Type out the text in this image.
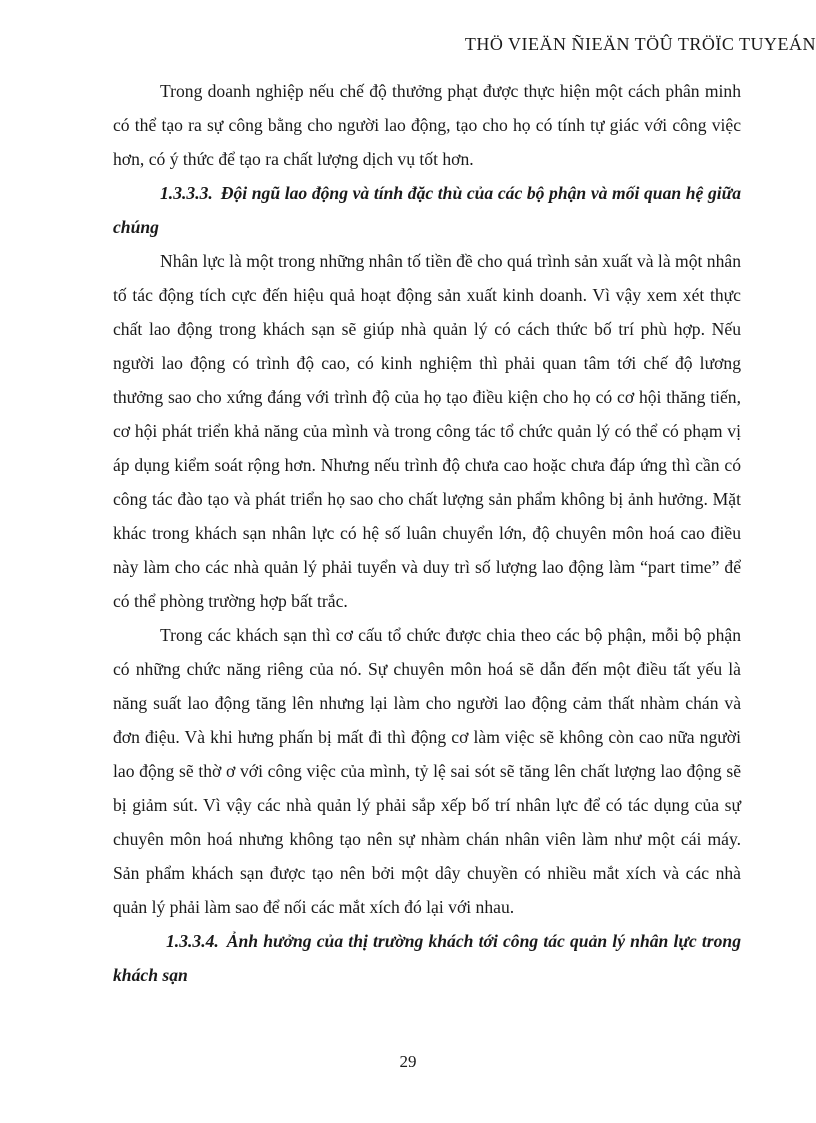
THÖ VIEÄN ÑIEÄN TÖÛ TRÖÏC TUYEÁN

Trong doanh nghiệp nếu chế độ thưởng phạt được thực hiện một cách phân minh có thể tạo ra sự công bằng cho người lao động, tạo cho họ có tính tự giác với công việc hơn, có ý thức để tạo ra chất lượng dịch vụ tốt hơn.

1.3.3.3. Đội ngũ lao động và tính đặc thù của các bộ phận và mối quan hệ giữa chúng

Nhân lực là một trong những nhân tố tiền đề cho quá trình sản xuất và là một nhân tố tác động tích cực đến hiệu quả hoạt động sản xuất kinh doanh. Vì vậy xem xét thực chất lao động trong khách sạn sẽ giúp nhà quản lý có cách thức bố trí phù hợp. Nếu người lao động có trình độ cao, có kinh nghiệm thì phải quan tâm tới chế độ lương thưởng sao cho xứng đáng với trình độ của họ tạo điều kiện cho họ có cơ hội thăng tiến, cơ hội phát triển khả năng của mình và trong công tác tổ chức quản lý có thể có phạm vị áp dụng kiểm soát rộng hơn. Nhưng nếu trình độ chưa cao hoặc chưa đáp ứng thì cần có công tác đào tạo và phát triển họ sao cho chất lượng sản phẩm không bị ảnh hưởng. Mặt khác trong khách sạn nhân lực có hệ số luân chuyển lớn, độ chuyên môn hoá cao điều này làm cho các nhà quản lý phải tuyển và duy trì số lượng lao động làm “part time” để có thể phòng trường hợp bất trắc.

Trong các khách sạn thì cơ cấu tổ chức được chia theo các bộ phận, mỗi bộ phận có những chức năng riêng của nó. Sự chuyên môn hoá sẽ dẫn đến một điều tất yếu là năng suất lao động tăng lên nhưng lại làm cho người lao động cảm thất nhàm chán và đơn điệu. Và khi hưng phấn bị mất đi thì động cơ làm việc sẽ không còn cao nữa người lao động sẽ thờ ơ với công việc của mình, tỷ lệ sai sót sẽ tăng lên chất lượng lao động sẽ bị giảm sút. Vì vậy các nhà quản lý phải sắp xếp bố trí nhân lực để có tác dụng của sự chuyên môn hoá nhưng không tạo nên sự nhàm chán nhân viên làm như một cái máy. Sản phẩm khách sạn được tạo nên bởi một dây chuyền có nhiều mắt xích và các nhà quản lý phải làm sao để nối các mắt xích đó lại với nhau.

1.3.3.4. Ảnh hưởng của thị trường khách tới công tác quản lý nhân lực trong khách sạn

29
